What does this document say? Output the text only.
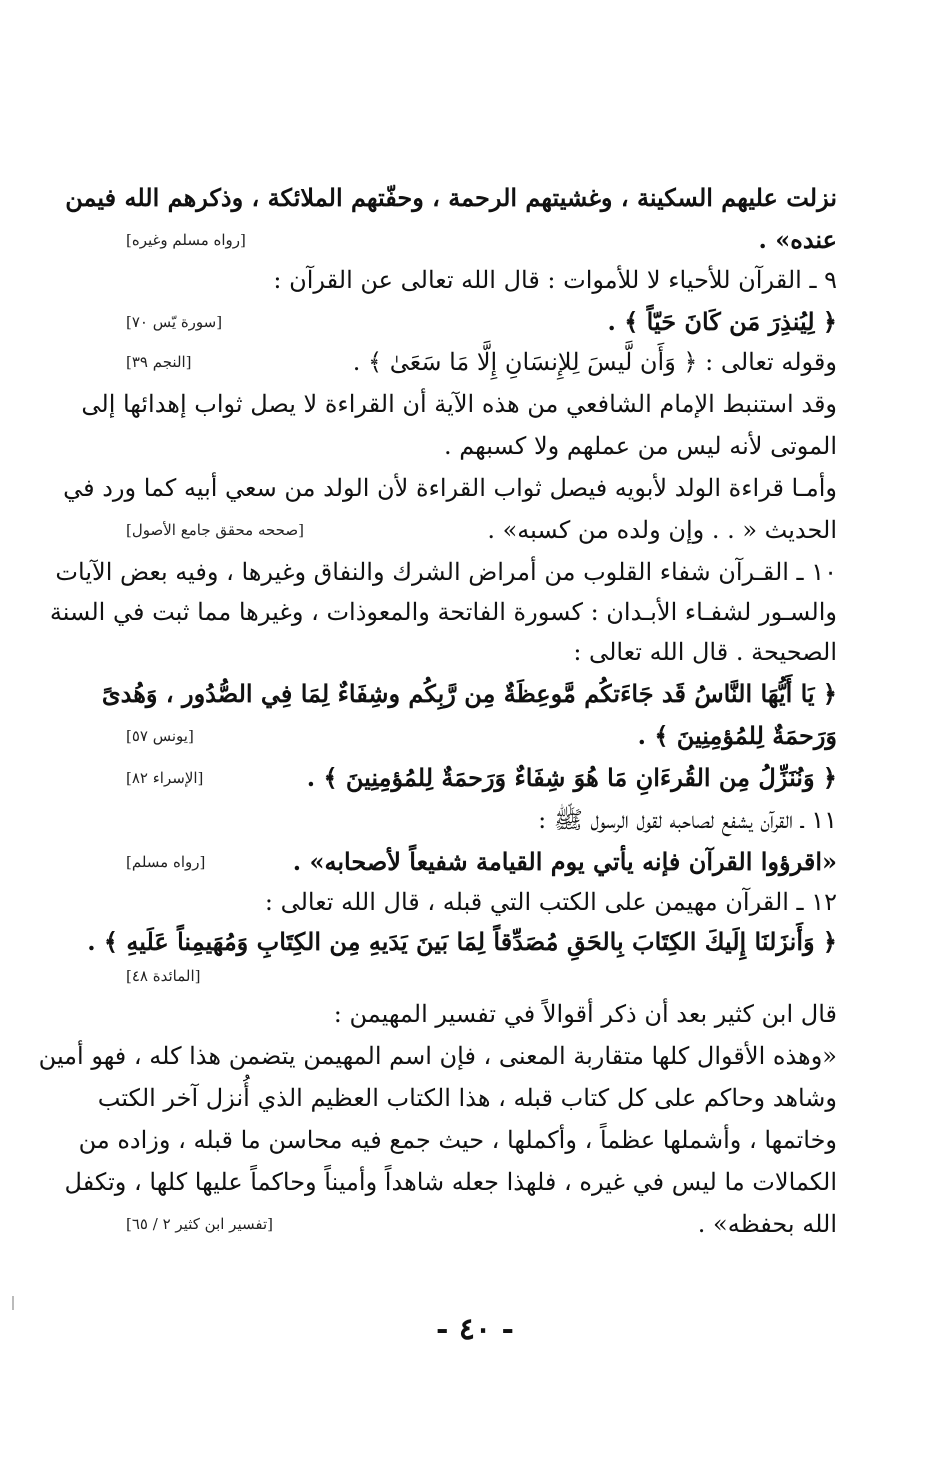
نزلت عليهم السكينة ، وغشيتهم الرحمة ، وحفّتهم الملائكة ، وذكرهم الله فيمن
عنده» .
[رواه مسلم وغيره]
٩ ـ القرآن للأحياء لا للأموات : قال الله تعالى عن القرآن :
﴿ لِيُنذِرَ مَن كَانَ حَيّاً ﴾ .
[سورة يّس ٧٠]
وقوله تعالى : ﴿ وَأَن لَّيسَ لِلإِنسَانِ إِلَّا مَا سَعَىٰ ﴾ .
[النجم ٣٩]
وقد استنبط الإمام الشافعي من هذه الآية أن القراءة لا يصل ثواب إهدائها إلى
الموتى لأنه ليس من عملهم ولا كسبهم .
وأمـا قراءة الولد لأبويه فيصل ثواب القراءة لأن الولد من سعي أبيه كما ورد في
الحديث « . . وإن ولده من كسبه» .
[صححه محقق جامع الأصول]
١٠ ـ القـرآن شفاء القلوب من أمراض الشرك والنفاق وغيرها ، وفيه بعض الآيات
والسـور لشفـاء الأبـدان : كسورة الفاتحة والمعوذات ، وغيرها مما ثبت في السنة
الصحيحة . قال الله تعالى :
﴿ يَا أَيُّهَا النَّاسُ قَد جَاءَتكُم مَّوعِظَةٌ مِن رَّبِكُم وشِفَاءٌ لِمَا فِي الصُّدُور ، وَهُدىً
وَرَحمَةٌ لِلمُؤمِنِينَ ﴾ .
[يونس ٥٧]
﴿ وَنُنَزِّلُ مِن القُرءَانِ مَا هُوَ شِفَاءٌ وَرَحمَةٌ لِلمُؤمِنِينَ ﴾ .
[الإسراء ٨٢]
١١ ـ القرآن يشفع لصاحبه لقول الرسول ﷺ :
«اقرؤوا القرآن فإنه يأتي يوم القيامة شفيعاً لأصحابه» .
[رواه مسلم]
١٢ ـ القرآن مهيمن على الكتب التي قبله ، قال الله تعالى :
﴿ وَأَنزَلنَا إِلَيكَ الكِتَابَ بِالحَقِ مُصَدِّقاً لِمَا بَينَ يَدَيهِ مِن الكِتَابِ وَمُهَيمِناً عَلَيهِ ﴾ .
[المائدة ٤٨]
قال ابن كثير بعد أن ذكر أقوالاً في تفسير المهيمن :
«وهذه الأقوال كلها متقاربة المعنى ، فإن اسم المهيمن يتضمن هذا كله ، فهو أمين
وشاهد وحاكم على كل كتاب قبله ، هذا الكتاب العظيم الذي أُنزل آخر الكتب
وخاتمها ، وأشملها عظماً ، وأكملها ، حيث جمع فيه محاسن ما قبله ، وزاده من
الكمالات ما ليس في غيره ، فلهذا جعله شاهداً وأميناً وحاكماً عليها كلها ، وتكفل
الله بحفظه» .
[تفسير ابن كثير ٢ / ٦٥]
- ٤٠ -
